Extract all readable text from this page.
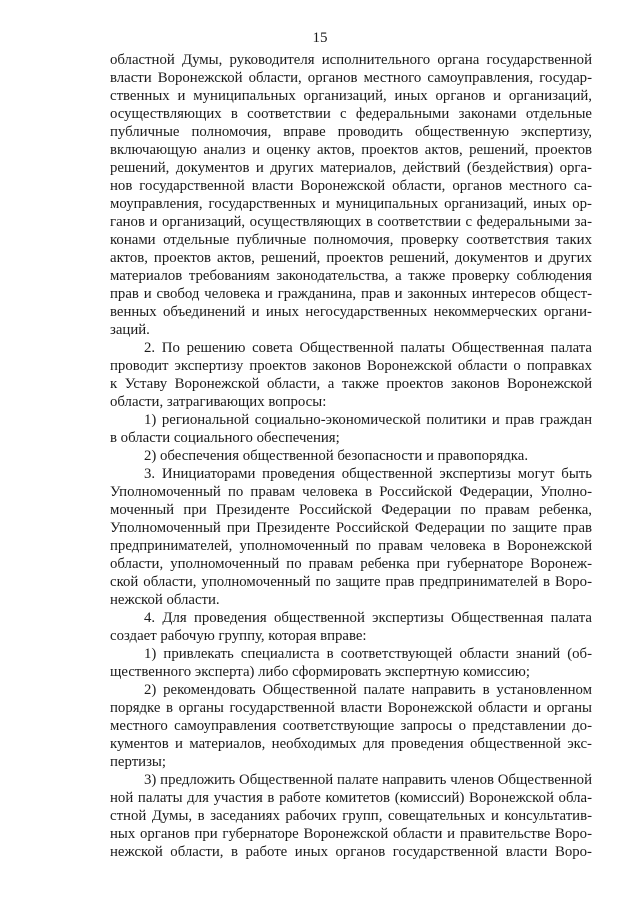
15
областной Думы, руководителя исполнительного органа государственной
власти Воронежской области, органов местного самоуправления, государ-
ственных и муниципальных организаций, иных органов и организаций,
осуществляющих в соответствии с федеральными законами отдельные
публичные полномочия, вправе проводить общественную экспертизу,
включающую анализ и оценку актов, проектов актов, решений, проектов
решений, документов и других материалов, действий (бездействия) орга-
нов государственной власти Воронежской области, органов местного са-
моуправления, государственных и муниципальных организаций, иных ор-
ганов и организаций, осуществляющих в соответствии с федеральными за-
конами отдельные публичные полномочия, проверку соответствия таких
актов, проектов актов, решений, проектов решений, документов и других
материалов требованиям законодательства, а также проверку соблюдения
прав и свобод человека и гражданина, прав и законных интересов общест-
венных объединений и иных негосударственных некоммерческих органи-
заций.
2. По решению совета Общественной палаты Общественная палата
проводит экспертизу проектов законов Воронежской области о поправках
к Уставу Воронежской области, а также проектов законов Воронежской
области, затрагивающих вопросы:
1) региональной социально-экономической политики и прав граждан
в области социального обеспечения;
2) обеспечения общественной безопасности и правопорядка.
3. Инициаторами проведения общественной экспертизы могут быть
Уполномоченный по правам человека в Российской Федерации, Уполно-
моченный при Президенте Российской Федерации по правам ребенка,
Уполномоченный при Президенте Российской Федерации по защите прав
предпринимателей, уполномоченный по правам человека в Воронежской
области, уполномоченный по правам ребенка при губернаторе Воронеж-
ской области, уполномоченный по защите прав предпринимателей в Воро-
нежской области.
4. Для проведения общественной экспертизы Общественная палата
создает рабочую группу, которая вправе:
1) привлекать специалиста в соответствующей области знаний (об-
щественного эксперта) либо сформировать экспертную комиссию;
2) рекомендовать Общественной палате направить в установленном
порядке в органы государственной власти Воронежской области и органы
местного самоуправления соответствующие запросы о представлении до-
кументов и материалов, необходимых для проведения общественной экс-
пертизы;
3) предложить Общественной палате направить членов Общественной
ной палаты для участия в работе комитетов (комиссий) Воронежской обла-
стной Думы, в заседаниях рабочих групп, совещательных и консультатив-
ных органов при губернаторе Воронежской области и правительстве Воро-
нежской области, в работе иных органов государственной власти Воро-
